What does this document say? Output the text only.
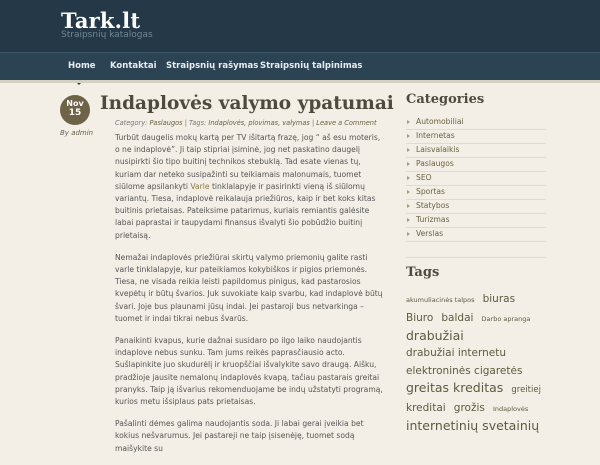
Tark.lt
Straipsnių katalogas
Home Kontaktai Straipsnių rašymas Straipsnių talpinimas
Nov
15
By admin
Indaplovės valymo ypatumai
Category: Paslaugos | Tags: Indaplovės, plovimas, valymas | Leave a Comment

Turbūt daugelis mokų kartą per TV išitartą frazę, jog “ aš esu moteris, o ne indaplovė”. Ji taip stipriai įsiminė, jog net paskatino daugelį nusipirkti šio tipo buitinį technikos stebuklą. Tad esate vienas tų, kuriam dar neteko susipažinti su teikiamais malonumais, tuomet siūlome apsilankyti Varle tinklalapyje ir pasirinkti vieną iš siūlomų variantų. Tiesa, indaplovė reikalauja priežiūros, kaip ir bet koks kitas buitinis prietaisas. Pateiksime patarimus, kuriais remiantis galėsite labai paprastai ir taupydami finansus išvalyti šio pobūdžio buitinį prietaisą.

Nemažai indaplovės priežiūrai skirtų valymo priemonių galite rasti varle tinklalapyje, kur pateikiamos kokybiškos ir pigios priemonės. Tiesa, ne visada reikia leisti papildomus pinigus, kad pastarosios kvepėtų ir būtų švarios. Juk suvokiate kaip svarbu, kad indaplovė būtų švari. Joje bus plaunami jūsų indai. Jei pastaroji bus netvarkinga – tuomet ir indai tikrai nebus švarūs.

Panaikinti kvapus, kurie dažnai susidaro po ilgo laiko naudojantis indaplove nebus sunku. Tam jums reikės paprasčiausio acto. Sušlapinkite juo skudurėlį ir kruopščiai išvalykite savo draugą. Aišku, pradžioje jausite nemalonų indaplovės kvapą, tačiau pastarais greitai pranyks. Taip ją išvarius rekomenduojame be indų užstatyti programą, kurios metu išsiplaus pats prietaisas.

Pašalinti dėmes galima naudojantis soda. Ji labai gerai įveikia bet kokius nešvarumus. Jei pastareji ne taip įsisenėję, tuomet sodą maišykite su

Categories
Automobiliai
Internetas
Laisvalaikis
Paslaugos
SEO
Sportas
Statybos
Turizmas
Verslas
Tags
akumuliacinės talpos biuras Biuro baldai Darbo apranga drabužiai drabužiai internetu elektroninės cigaretės greitas kreditas greitiej kreditai grožis Indaplovės internetinių svetainių
